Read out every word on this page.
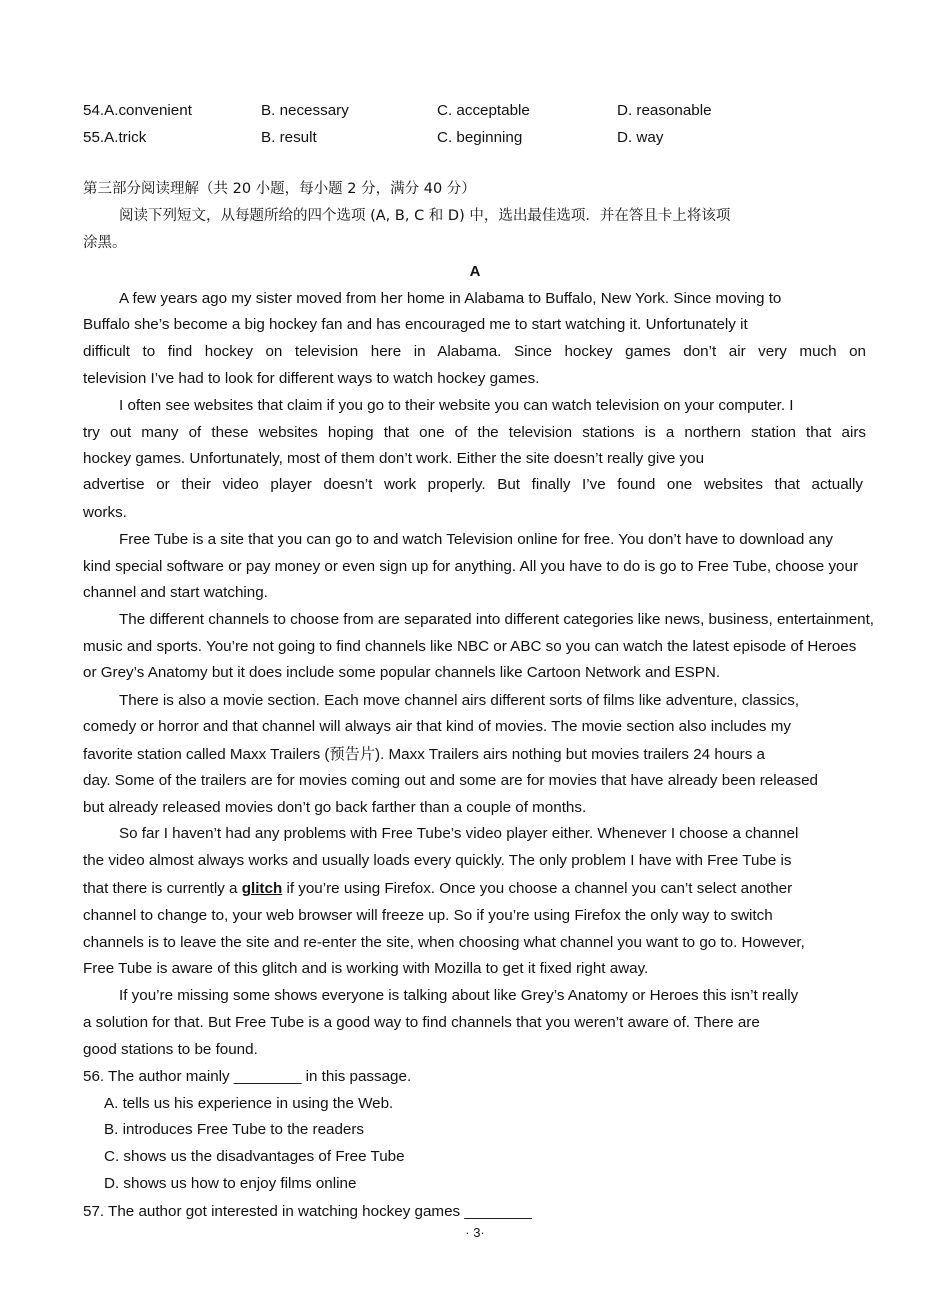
54.A.convenient	B. necessary	C. acceptable	D. reasonable
55.A.trick	B. result	C. beginning	D. way
第三部分阅读理解（共 20 小题，每小题 2 分，满分 40 分）
阅读下列短文，从每题所给的四个选项 (A, B, C 和 D) 中，选出最佳选项．并在答且卡上将该项
涂黑。
A
A few years ago my sister moved from her home in Alabama to Buffalo, New York. Since moving to
Buffalo she’s become a big hockey fan and has encouraged me to start watching it. Unfortunately it
difficult to find hockey on television here in Alabama. Since hockey games don’t air very much on
television I’ve had to look for different ways to watch hockey games.
I often see websites that claim if you go to their website you can watch television on your computer. I
try out many of these websites hoping that one of the television stations is a northern station that airs
hockey games. Unfortunately, most of them don’t work. Either the site doesn’t really give you
advertise or their video player doesn’t work properly. But finally I’ve found one websites that actually
works.
Free Tube is a site that you can go to and watch Television online for free. You don’t have to download any
kind special software or pay money or even sign up for anything. All you have to do is go to Free Tube, choose your
channel and start watching.
The different channels to choose from are separated into different categories like news, business, entertainment,
music and sports. You’re not going to find channels like NBC or ABC so you can watch the latest episode of Heroes
or Grey’s Anatomy but it does include some popular channels like Cartoon Network and ESPN.
There is also a movie section. Each move channel airs different sorts of films like adventure, classics,
comedy or horror and that channel will always air that kind of movies. The movie section also includes my
favorite station called Maxx Trailers (预告片). Maxx Trailers airs nothing but movies trailers 24 hours a
day. Some of the trailers are for movies coming out and some are for movies that have already been released
but already released movies don’t go back farther than a couple of months.
So far I haven’t had any problems with Free Tube’s video player either. Whenever I choose a channel
the video almost always works and usually loads every quickly. The only problem I have with Free Tube is
that there is currently a glitch if you’re using Firefox. Once you choose a channel you can’t select another
channel to change to, your web browser will freeze up. So if you’re using Firefox the only way to switch
channels is to leave the site and re-enter the site, when choosing what channel you want to go to. However,
Free Tube is aware of this glitch and is working with Mozilla to get it fixed right away.
If you’re missing some shows everyone is talking about like Grey’s Anatomy or Heroes this isn’t really
a solution for that. But Free Tube is a good way to find channels that you weren’t aware of. There are
good stations to be found.
56. The author mainly ________ in this passage.
A. tells us his experience in using the Web.
B. introduces Free Tube to the readers
C. shows us the disadvantages of Free Tube
D. shows us how to enjoy films online
57. The author got interested in watching hockey games ________
· 3·
